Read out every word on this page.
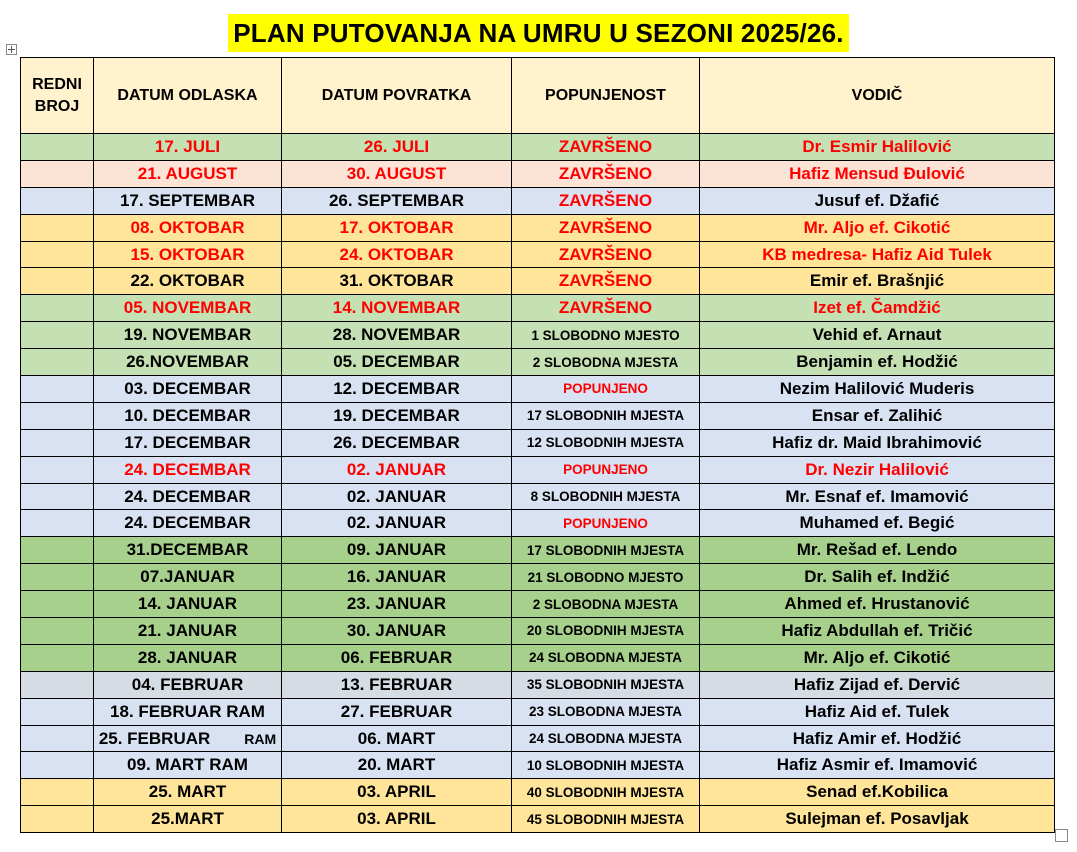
PLAN PUTOVANJA NA UMRU U SEZONI 2025/26.
REDNI BROJ	DATUM ODLASKA	DATUM POVRATKA	POPUNJENOST	VODIČ
	17. JULI	26. JULI	ZAVRŠENO	Dr. Esmir Halilović
	21. AUGUST	30. AUGUST	ZAVRŠENO	Hafiz Mensud Đulović
	17. SEPTEMBAR	26. SEPTEMBAR	ZAVRŠENO	Jusuf ef. Džafić
	08. OKTOBAR	17. OKTOBAR	ZAVRŠENO	Mr. Aljo ef. Cikotić
	15. OKTOBAR	24. OKTOBAR	ZAVRŠENO	KB medresa- Hafiz Aid Tulek
	22. OKTOBAR	31. OKTOBAR	ZAVRŠENO	Emir ef. Brašnjić
	05. NOVEMBAR	14. NOVEMBAR	ZAVRŠENO	Izet ef. Čamdžić
	19. NOVEMBAR	28. NOVEMBAR	1 SLOBODNO MJESTO	Vehid ef. Arnaut
	26.NOVEMBAR	05. DECEMBAR	2 SLOBODNA MJESTA	Benjamin ef. Hodžić
	03. DECEMBAR	12. DECEMBAR	POPUNJENO	Nezim Halilović Muderis
	10. DECEMBAR	19. DECEMBAR	17 SLOBODNIH MJESTA	Ensar ef. Zalihić
	17. DECEMBAR	26. DECEMBAR	12 SLOBODNIH MJESTA	Hafiz dr. Maid Ibrahimović
	24. DECEMBAR	02. JANUAR	POPUNJENO	Dr. Nezir Halilović
	24. DECEMBAR	02. JANUAR	8 SLOBODNIH MJESTA	Mr. Esnaf ef. Imamović
	24. DECEMBAR	02. JANUAR	POPUNJENO	Muhamed ef. Begić
	31.DECEMBAR	09. JANUAR	17 SLOBODNIH MJESTA	Mr. Rešad ef. Lendo
	07.JANUAR	16. JANUAR	21 SLOBODNO MJESTO	Dr. Salih ef. Indžić
	14. JANUAR	23. JANUAR	2 SLOBODNA MJESTA	Ahmed ef. Hrustanović
	21. JANUAR	30. JANUAR	20 SLOBODNIH MJESTA	Hafiz Abdullah ef. Tričić
	28. JANUAR	06. FEBRUAR	24 SLOBODNA MJESTA	Mr. Aljo ef. Cikotić
	04. FEBRUAR	13. FEBRUAR	35 SLOBODNIH MJESTA	Hafiz Zijad ef. Dervić
	18. FEBRUAR RAM	27. FEBRUAR	23 SLOBODNA MJESTA	Hafiz Aid ef. Tulek
	25. FEBRUAR RAM	06. MART	24 SLOBODNA MJESTA	Hafiz Amir ef. Hodžić
	09. MART RAM	20. MART	10 SLOBODNIH MJESTA	Hafiz Asmir ef. Imamović
	25. MART	03. APRIL	40 SLOBODNIH MJESTA	Senad ef.Kobilica
	25.MART	03. APRIL	45 SLOBODNIH MJESTA	Sulejman ef. Posavljak
